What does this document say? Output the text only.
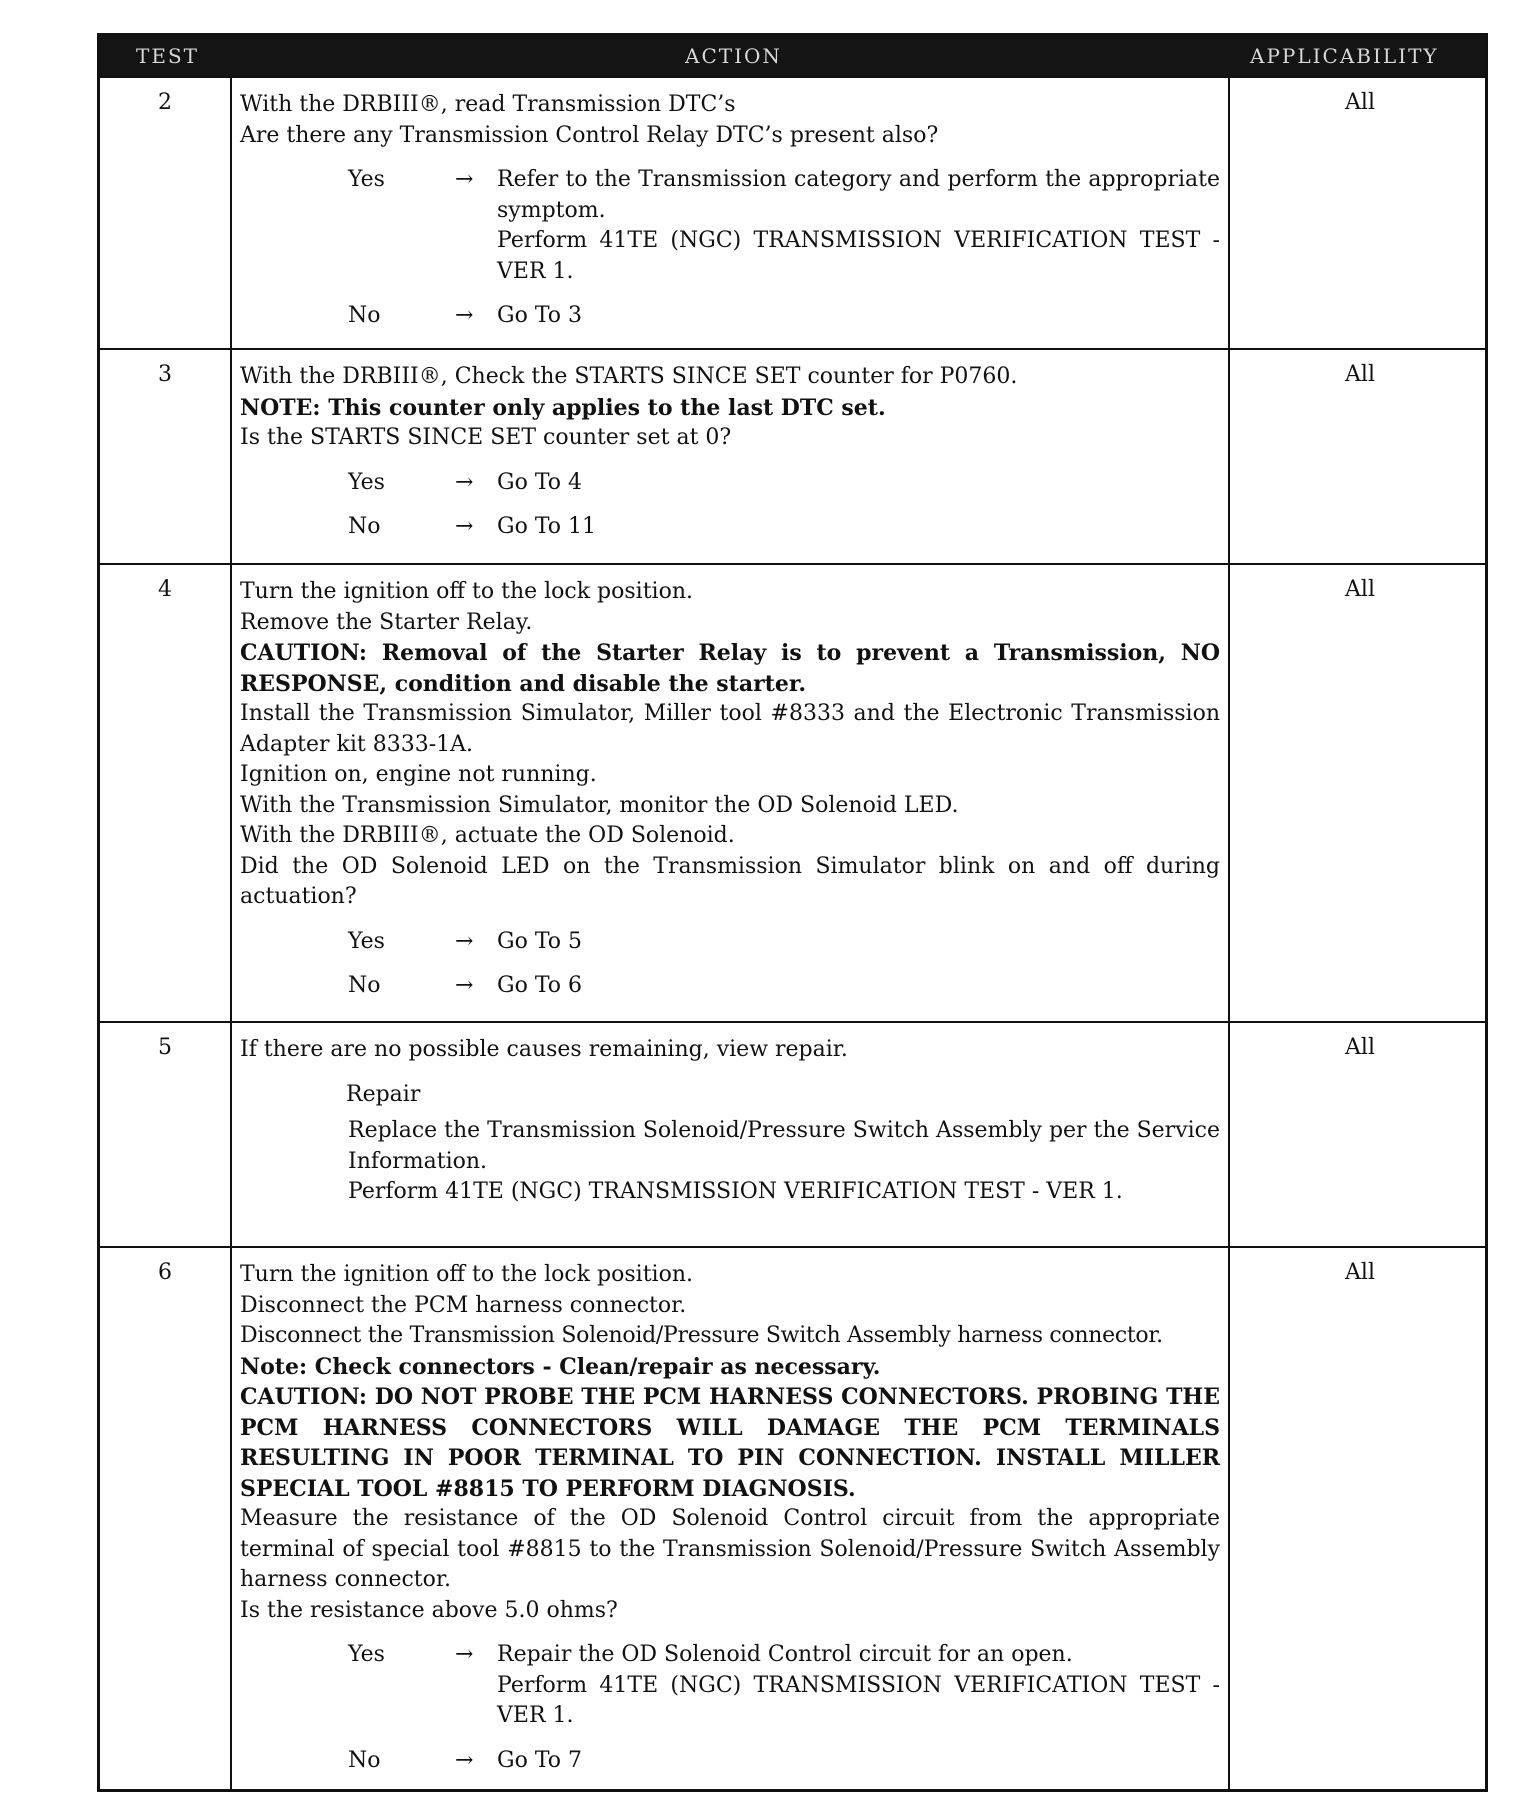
TEST	ACTION	APPLICABILITY
2	With the DRBIII®, read Transmission DTC’s

Are there any Transmission Control Relay DTC’s present also?

Yes	→	Refer to the Transmission category and perform the appropriate symptom.
Perform 41TE (NGC) TRANSMISSION VERIFICATION TEST - VER 1.
No	→	Go To 3
All
3	With the DRBIII®, Check the STARTS SINCE SET counter for P0760.

NOTE: This counter only applies to the last DTC set.

Is the STARTS SINCE SET counter set at 0?

Yes	→	Go To 4
No	→	Go To 11
All
4	Turn the ignition off to the lock position.

Remove the Starter Relay.

CAUTION: Removal of the Starter Relay is to prevent a Transmission, NO RESPONSE, condition and disable the starter.

Install the Transmission Simulator, Miller tool #8333 and the Electronic Transmission Adapter kit 8333-1A.

Ignition on, engine not running.

With the Transmission Simulator, monitor the OD Solenoid LED.

With the DRBIII®, actuate the OD Solenoid.

Did the OD Solenoid LED on the Transmission Simulator blink on and off during actuation?

Yes	→	Go To 5
No	→	Go To 6
All
5	If there are no possible causes remaining, view repair.

Repair

Replace the Transmission Solenoid/Pressure Switch Assembly per the Service Information.

Perform 41TE (NGC) TRANSMISSION VERIFICATION TEST - VER 1.

All
6	Turn the ignition off to the lock position.

Disconnect the PCM harness connector.

Disconnect the Transmission Solenoid/Pressure Switch Assembly harness connector.

Note: Check connectors - Clean/repair as necessary.

CAUTION: DO NOT PROBE THE PCM HARNESS CONNECTORS. PROBING THE PCM HARNESS CONNECTORS WILL DAMAGE THE PCM TERMINALS RESULTING IN POOR TERMINAL TO PIN CONNECTION. INSTALL MILLER SPECIAL TOOL #8815 TO PERFORM DIAGNOSIS.

Measure the resistance of the OD Solenoid Control circuit from the appropriate terminal of special tool #8815 to the Transmission Solenoid/Pressure Switch Assembly harness connector.

Is the resistance above 5.0 ohms?

Yes	→	Repair the OD Solenoid Control circuit for an open.
Perform 41TE (NGC) TRANSMISSION VERIFICATION TEST - VER 1.
No	→	Go To 7
All
